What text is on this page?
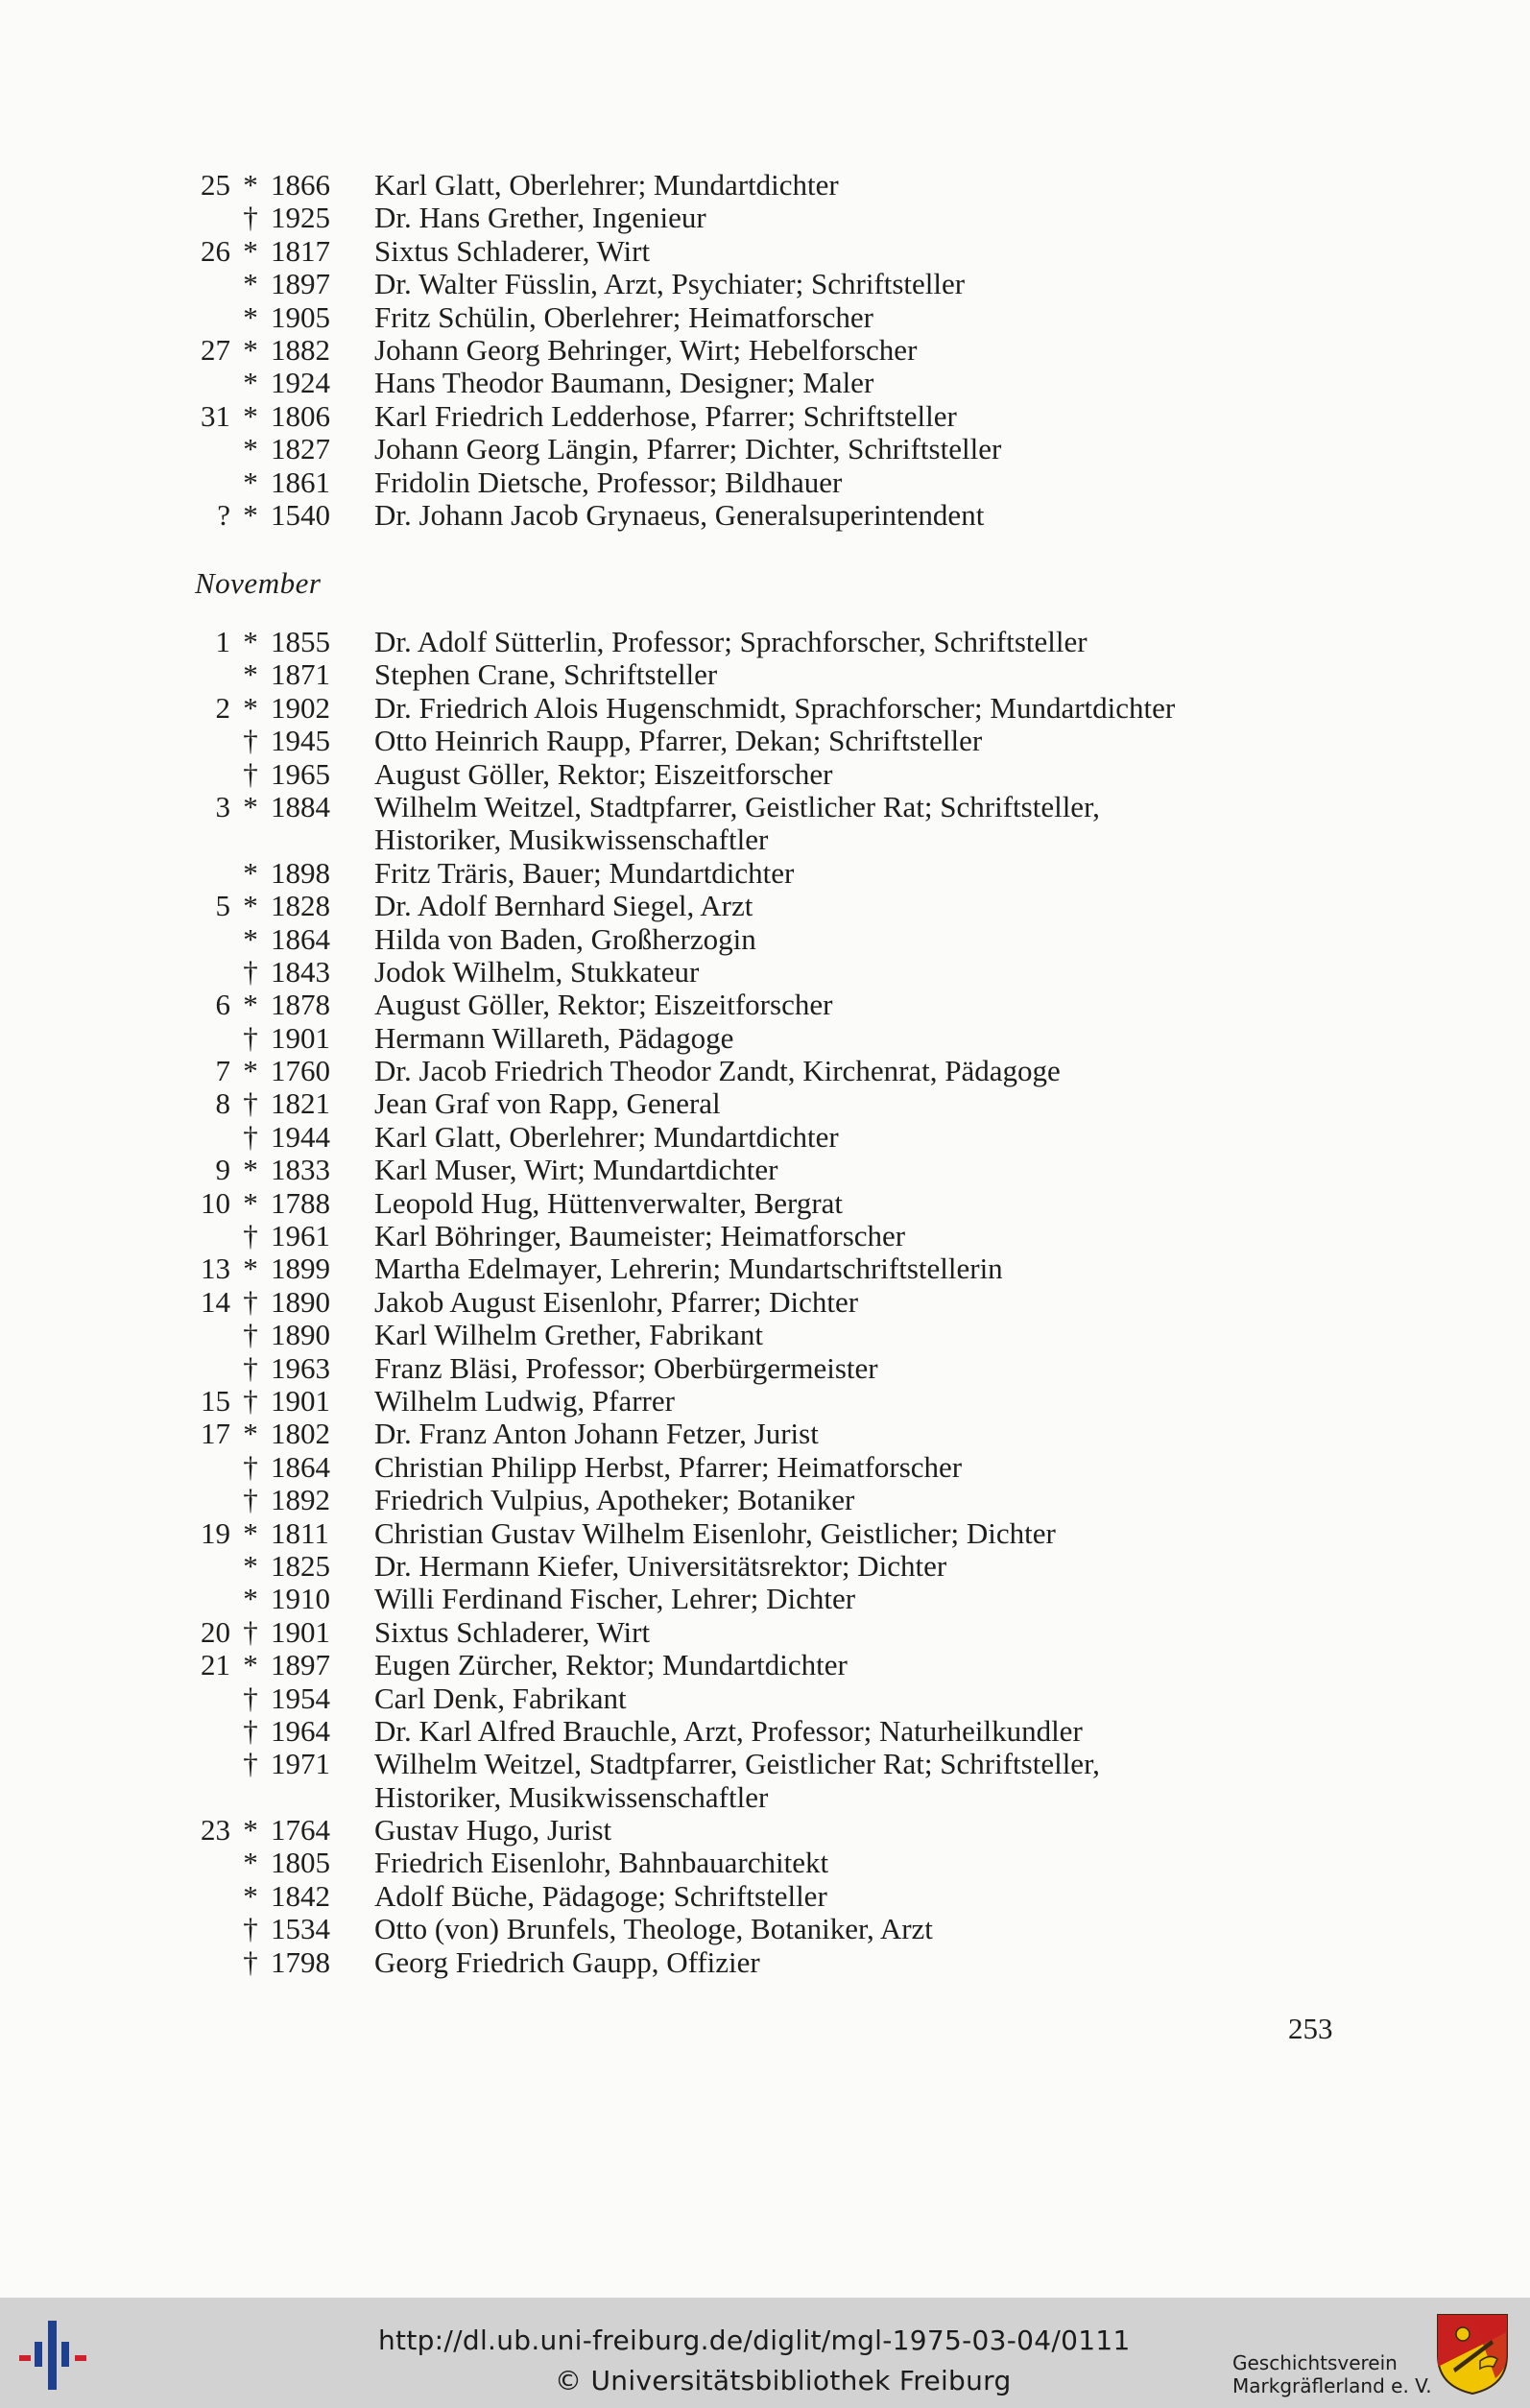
25 * 1866	Karl Glatt, Oberlehrer; Mundartdichter
† 1925	Dr. Hans Grether, Ingenieur
26 * 1817	Sixtus Schladerer, Wirt
* 1897	Dr. Walter Füsslin, Arzt, Psychiater; Schriftsteller
* 1905	Fritz Schülin, Oberlehrer; Heimatforscher
27 * 1882	Johann Georg Behringer, Wirt; Hebelforscher
* 1924	Hans Theodor Baumann, Designer; Maler
31 * 1806	Karl Friedrich Ledderhose, Pfarrer; Schriftsteller
* 1827	Johann Georg Längin, Pfarrer; Dichter, Schriftsteller
* 1861	Fridolin Dietsche, Professor; Bildhauer
? * 1540	Dr. Johann Jacob Grynaeus, Generalsuperintendent
November
1 * 1855	Dr. Adolf Sütterlin, Professor; Sprachforscher, Schriftsteller
* 1871	Stephen Crane, Schriftsteller
2 * 1902	Dr. Friedrich Alois Hugenschmidt, Sprachforscher; Mundartdichter
† 1945	Otto Heinrich Raupp, Pfarrer, Dekan; Schriftsteller
† 1965	August Göller, Rektor; Eiszeitforscher
3 * 1884	Wilhelm Weitzel, Stadtpfarrer, Geistlicher Rat; Schriftsteller,
Historiker, Musikwissenschaftler
* 1898	Fritz Träris, Bauer; Mundartdichter
5 * 1828	Dr. Adolf Bernhard Siegel, Arzt
* 1864	Hilda von Baden, Großherzogin
† 1843	Jodok Wilhelm, Stukkateur
6 * 1878	August Göller, Rektor; Eiszeitforscher
† 1901	Hermann Willareth, Pädagoge
7 * 1760	Dr. Jacob Friedrich Theodor Zandt, Kirchenrat, Pädagoge
8 † 1821	Jean Graf von Rapp, General
† 1944	Karl Glatt, Oberlehrer; Mundartdichter
9 * 1833	Karl Muser, Wirt; Mundartdichter
10 * 1788	Leopold Hug, Hüttenverwalter, Bergrat
† 1961	Karl Böhringer, Baumeister; Heimatforscher
13 * 1899	Martha Edelmayer, Lehrerin; Mundartschriftstellerin
14 † 1890	Jakob August Eisenlohr, Pfarrer; Dichter
† 1890	Karl Wilhelm Grether, Fabrikant
† 1963	Franz Bläsi, Professor; Oberbürgermeister
15 † 1901	Wilhelm Ludwig, Pfarrer
17 * 1802	Dr. Franz Anton Johann Fetzer, Jurist
† 1864	Christian Philipp Herbst, Pfarrer; Heimatforscher
† 1892	Friedrich Vulpius, Apotheker; Botaniker
19 * 1811	Christian Gustav Wilhelm Eisenlohr, Geistlicher; Dichter
* 1825	Dr. Hermann Kiefer, Universitätsrektor; Dichter
* 1910	Willi Ferdinand Fischer, Lehrer; Dichter
20 † 1901	Sixtus Schladerer, Wirt
21 * 1897	Eugen Zürcher, Rektor; Mundartdichter
† 1954	Carl Denk, Fabrikant
† 1964	Dr. Karl Alfred Brauchle, Arzt, Professor; Naturheilkundler
† 1971	Wilhelm Weitzel, Stadtpfarrer, Geistlicher Rat; Schriftsteller,
Historiker, Musikwissenschaftler
23 * 1764	Gustav Hugo, Jurist
* 1805	Friedrich Eisenlohr, Bahnbauarchitekt
* 1842	Adolf Büche, Pädagoge; Schriftsteller
† 1534	Otto (von) Brunfels, Theologe, Botaniker, Arzt
† 1798	Georg Friedrich Gaupp, Offizier
253
http://dl.ub.uni-freiburg.de/diglit/mgl-1975-03-04/0111
© Universitätsbibliothek Freiburg
Geschichtsverein
Markgräflerland e. V.
